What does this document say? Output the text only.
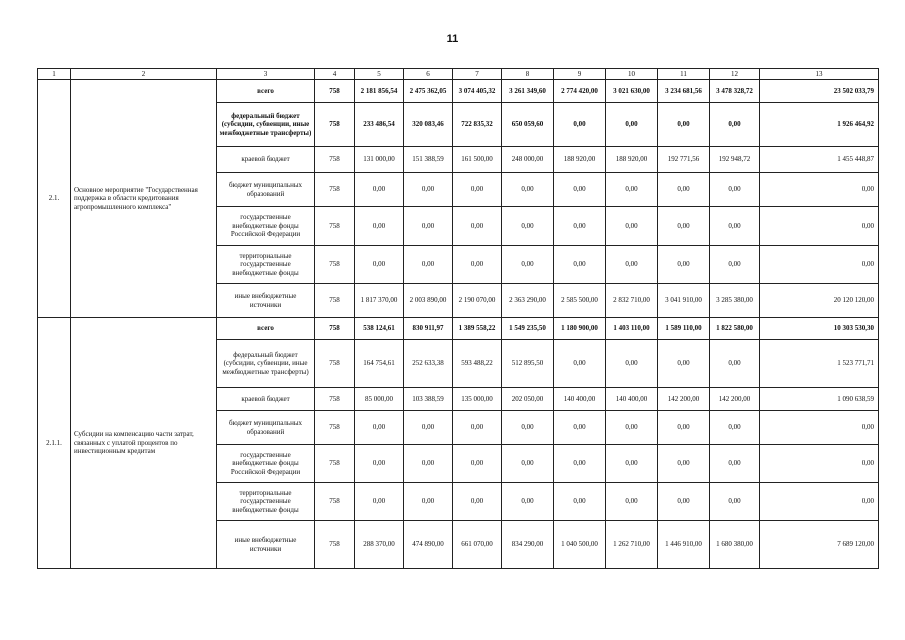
11
1	2	3	4	5	6	7	8	9	10	11	12	13
2.1.	Основное мероприятие "Государственная поддержка в области кредитования агропромышленного комплекса"	всего	758	2 181 856,54	2 475 362,05	3 074 405,32	3 261 349,60	2 774 420,00	3 021 630,00	3 234 681,56	3 478 328,72	23 502 033,79
		федеральный бюджет (субсидии, субвенции, иные межбюджетные трансферты)	758	233 486,54	320 083,46	722 835,32	650 059,60	0,00	0,00	0,00	0,00	1 926 464,92
		краевой бюджет	758	131 000,00	151 388,59	161 500,00	248 000,00	188 920,00	188 920,00	192 771,56	192 948,72	1 455 448,87
		бюджет муниципальных образований	758	0,00	0,00	0,00	0,00	0,00	0,00	0,00	0,00	0,00
		государственные внебюджетные фонды Российской Федерации	758	0,00	0,00	0,00	0,00	0,00	0,00	0,00	0,00	0,00
		территориальные государственные внебюджетные фонды	758	0,00	0,00	0,00	0,00	0,00	0,00	0,00	0,00	0,00
		иные внебюджетные источники	758	1 817 370,00	2 003 890,00	2 190 070,00	2 363 290,00	2 585 500,00	2 832 710,00	3 041 910,00	3 285 380,00	20 120 120,00
2.1.1.	Субсидии на компенсацию части затрат, связанных с уплатой процентов по инвестиционным кредитам	всего	758	538 124,61	830 911,97	1 389 558,22	1 549 235,50	1 180 900,00	1 403 110,00	1 589 110,00	1 822 580,00	10 303 530,30
		федеральный бюджет (субсидии, субвенции, иные межбюджетные трансферты)	758	164 754,61	252 633,38	593 488,22	512 895,50	0,00	0,00	0,00	0,00	1 523 771,71
		краевой бюджет	758	85 000,00	103 388,59	135 000,00	202 050,00	140 400,00	140 400,00	142 200,00	142 200,00	1 090 638,59
		бюджет муниципальных образований	758	0,00	0,00	0,00	0,00	0,00	0,00	0,00	0,00	0,00
		государственные внебюджетные фонды Российской Федерации	758	0,00	0,00	0,00	0,00	0,00	0,00	0,00	0,00	0,00
		территориальные государственные внебюджетные фонды	758	0,00	0,00	0,00	0,00	0,00	0,00	0,00	0,00	0,00
		иные внебюджетные источники	758	288 370,00	474 890,00	661 070,00	834 290,00	1 040 500,00	1 262 710,00	1 446 910,00	1 680 380,00	7 689 120,00
